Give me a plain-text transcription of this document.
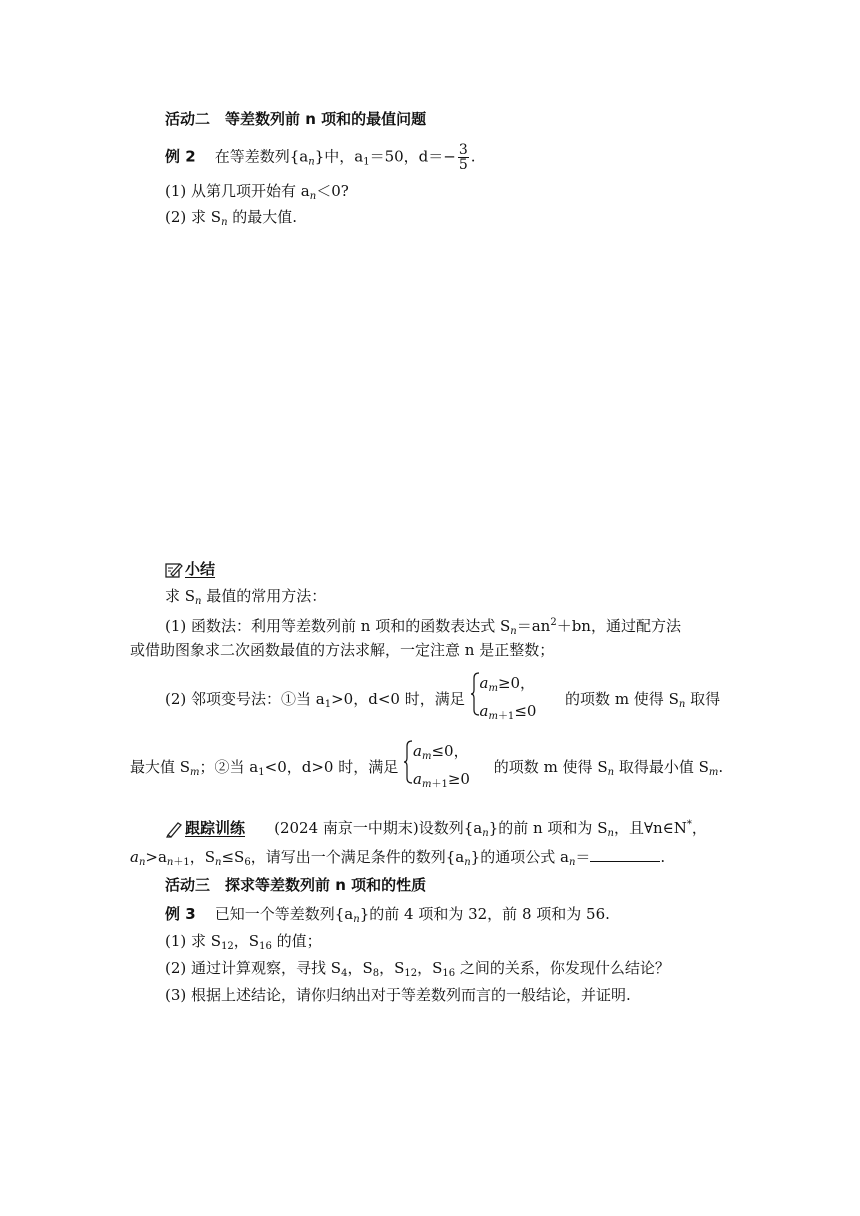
活动二　等差数列前 n 项和的最值问题
例 2 在等差数列$\{a_n\}$中，$a_1=50$，$d=- \frac{3}{5}$ .
(1) 从第几项开始有 $a_n<0$?
(2) 求 $S_n$ 的最大值.
小结
求 $S_n$ 最值的常用方法：
(1) 函数法：利用等差数列前 n 项和的函数表达式 $S_n=an^2+bn$，通过配方法
或借助图象求二次函数最值的方法求解，一定注意 n 是正整数；
(2) 邻项变号法：①当 $a_1>0$，d<0 时，满足
$a_m\ge 0$，
$a_{m+1}\le 0$
的项数 m 使得 $S_n$ 取得
最大值 $S_m$；②当 $a_1<0$，d>0 时，满足
$a_m\le 0$，
$a_{m+1}\ge 0$
的项数 m 使得 $S_n$ 取得最小值 $S_m$.
跟踪训练 (2024 南京一中期末)设数列$\{a_n\}$的前 n 项和为 $S_n$，且∀n∈N*，
$a_n>a_{n+1}$，$S_n\le S_6$，请写出一个满足条件的数列$\{a_n\}$的通项公式 $a_n=$	.
活动三　探求等差数列前 n 项和的性质
例 3 已知一个等差数列$\{a_n\}$的前 4 项和为 32，前 8 项和为 56.
(1) 求 $S_{12}$，$S_{16}$ 的值；
(2) 通过计算观察，寻找 $S_4$，$S_8$，$S_{12}$，$S_{16}$ 之间的关系，你发现什么结论？
(3) 根据上述结论，请你归纳出对于等差数列而言的一般结论，并证明.
